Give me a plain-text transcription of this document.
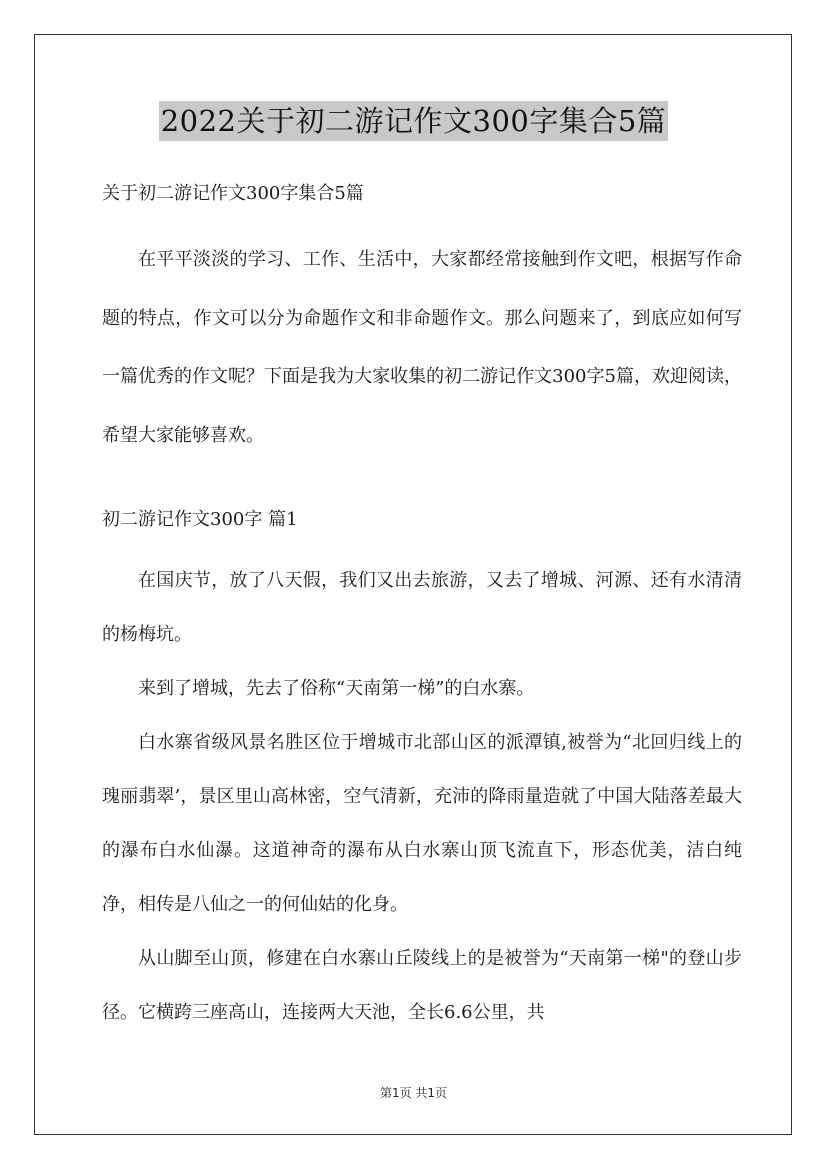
2022关于初二游记作文300字集合5篇
关于初二游记作文300字集合5篇

在平平淡淡的学习、工作、生活中，大家都经常接触到作文吧，根据写作命题的特点，作文可以分为命题作文和非命题作文。那么问题来了，到底应如何写一篇优秀的作文呢？下面是我为大家收集的初二游记作文300字5篇，欢迎阅读，希望大家能够喜欢。

初二游记作文300字 篇1

在国庆节，放了八天假，我们又出去旅游，又去了增城、河源、还有水清清的杨梅坑。

来到了增城，先去了俗称“天南第一梯”的白水寨。

白水寨省级风景名胜区位于增城市北部山区的派潭镇,被誉为“北回归线上的瑰丽翡翠’，景区里山高林密，空气清新，充沛的降雨量造就了中国大陆落差最大的瀑布白水仙瀑。这道神奇的瀑布从白水寨山顶飞流直下，形态优美，洁白纯净，相传是八仙之一的何仙姑的化身。

从山脚至山顶，修建在白水寨山丘陵线上的是被誉为“天南第一梯"的登山步径。它横跨三座高山，连接两大天池，全长6.6公里，共

第1页 共1页
